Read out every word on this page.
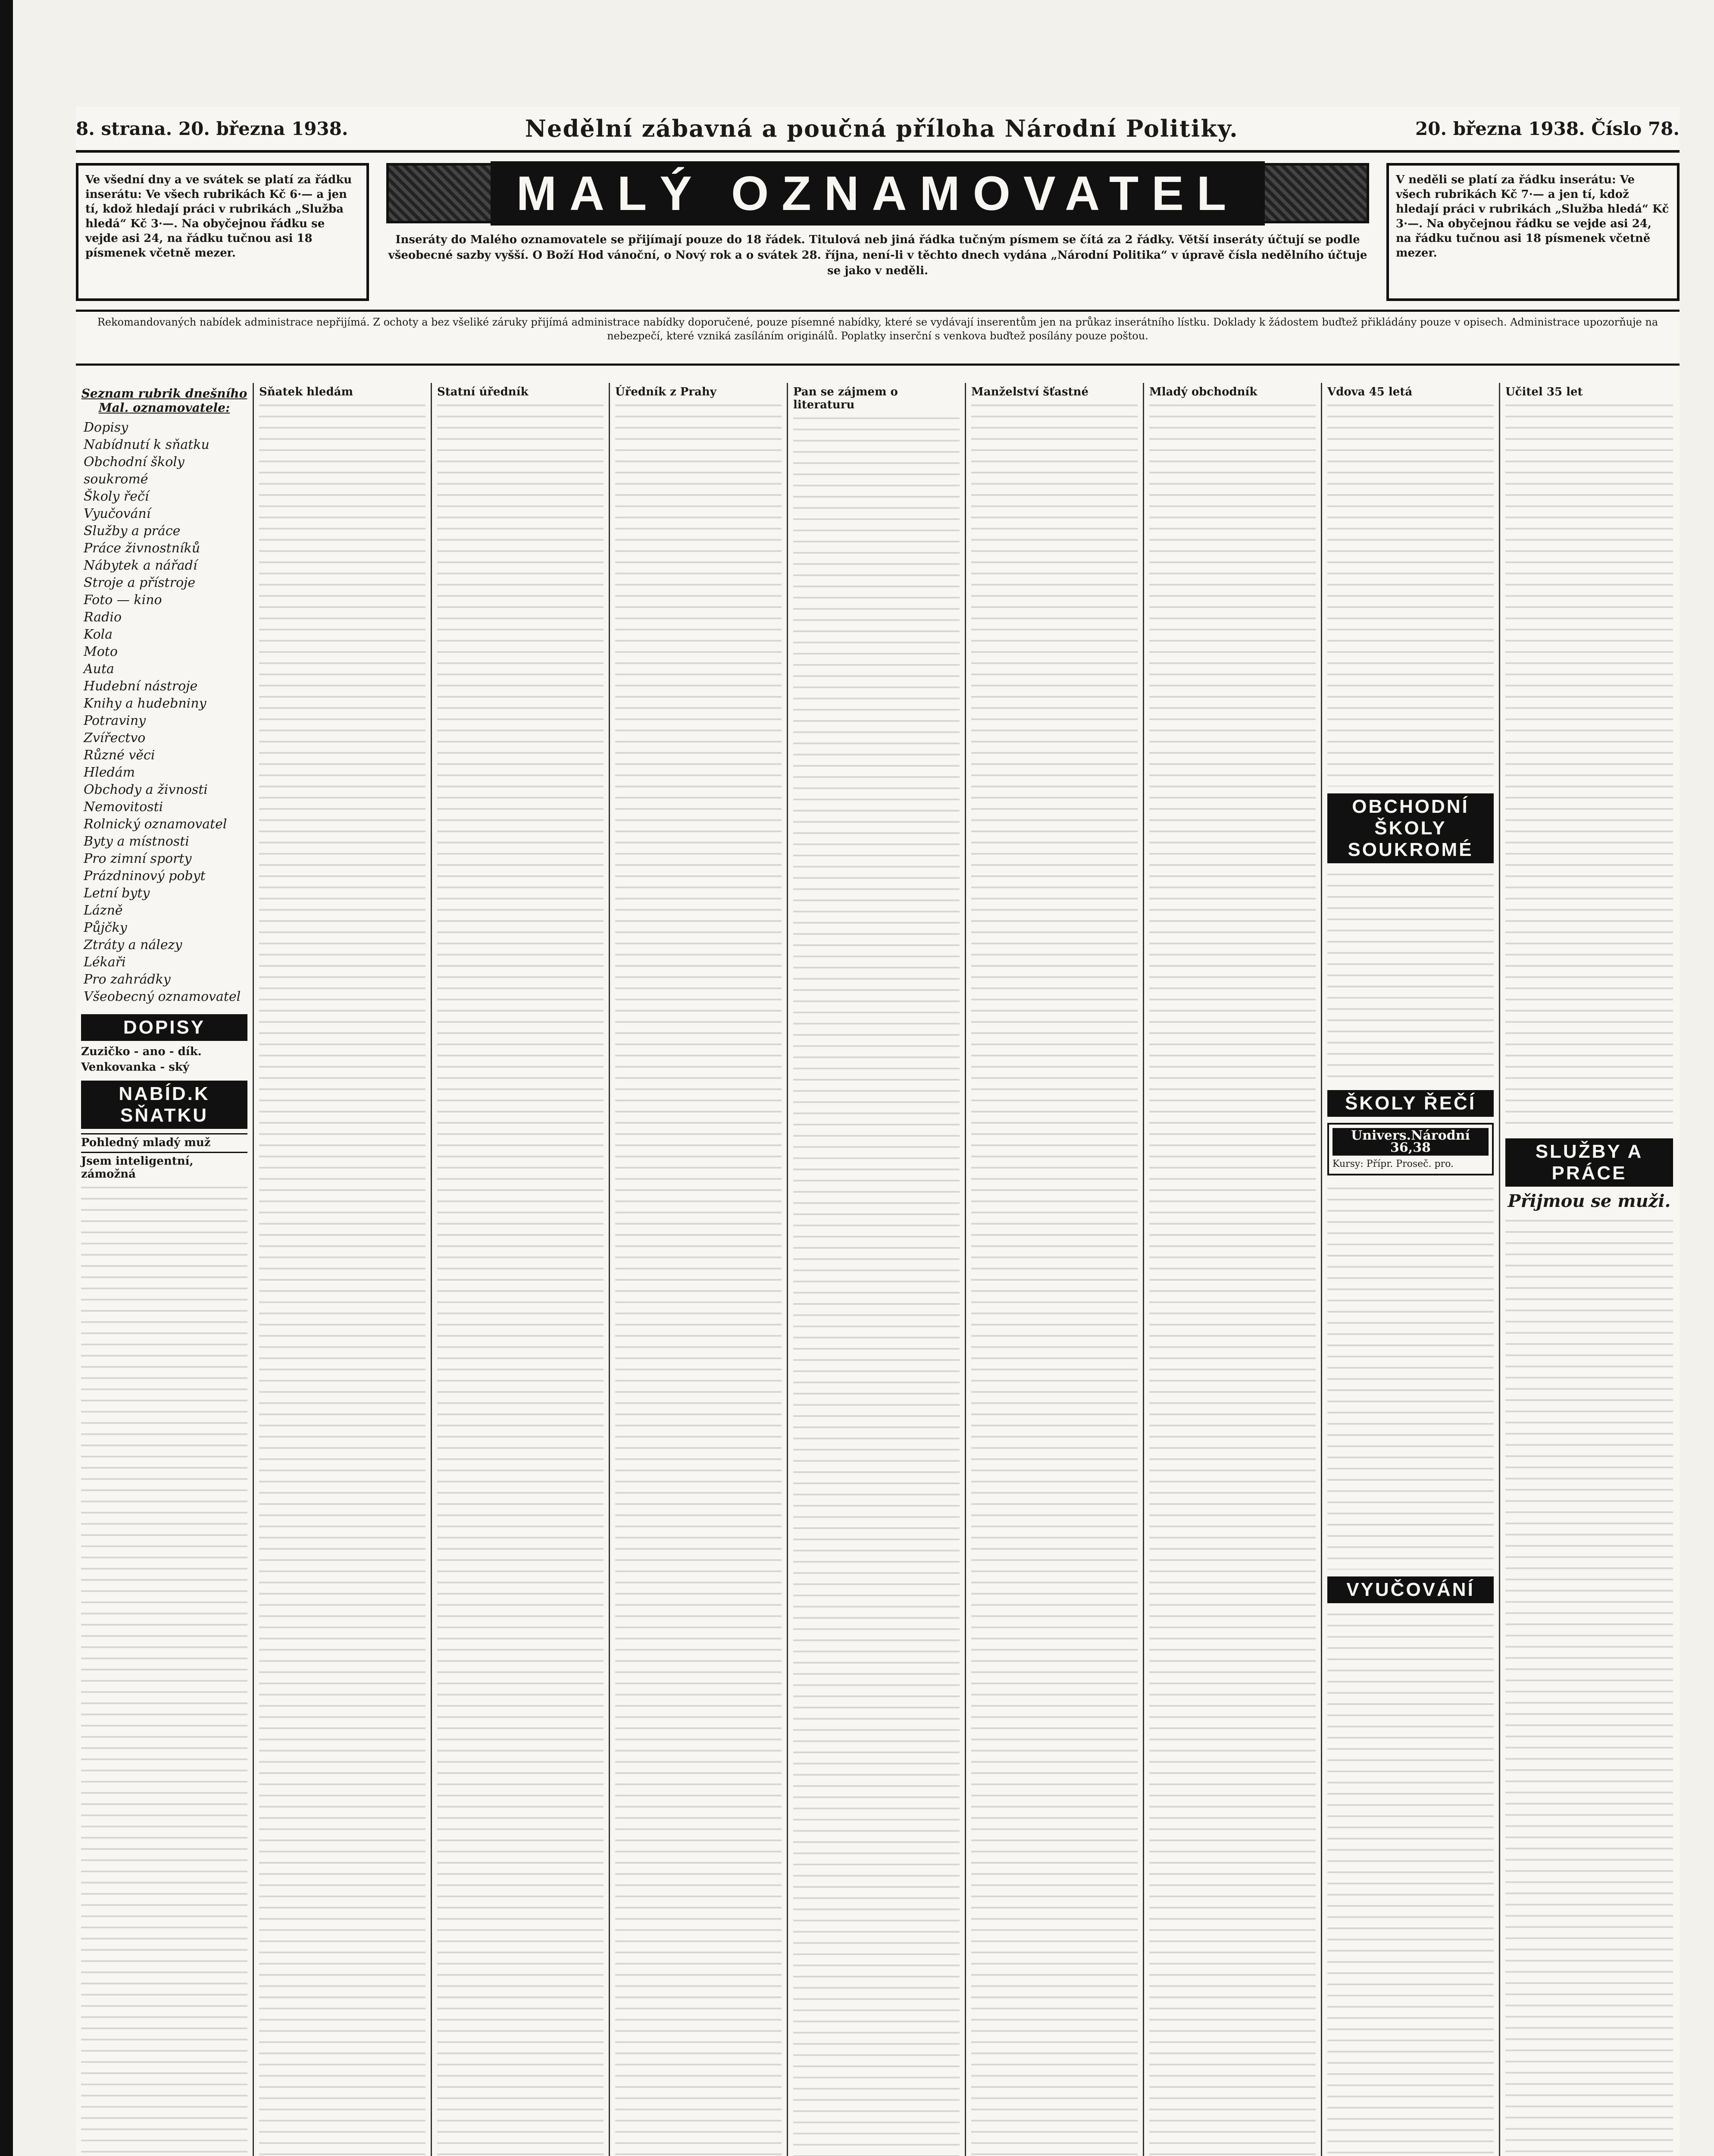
8. strana. 20. března 1938.	Nedělní zábavná a poučná příloha Národní Politiky.	20. března 1938. Číslo 78.
Ve všední dny a ve svátek se platí za řádku inserátu: Ve všech rubrikách Kč 6·— a jen tí, kdož hledají práci v rubrikách „Služba hledá“ Kč 3·—. Na obyčejnou řádku se vejde asi 24, na řádku tučnou asi 18 písmenek včetně mezer.
MALÝ OZNAMOVATEL
Inseráty do Malého oznamovatele se přijímají pouze do 18 řádek. Titulová neb jiná řádka tučným písmem se čítá za 2 řádky. Větší inseráty účtují se podle všeobecné sazby vyšší. O Boží Hod vánoční, o Nový rok a o svátek 28. října, není-li v těchto dnech vydána „Národní Politika“ v úpravě čísla nedělního účtuje se jako v neděli.
V neděli se platí za řádku inserátu: Ve všech rubrikách Kč 7·— a jen tí, kdož hledají práci v rubrikách „Služba hledá“ Kč 3·—. Na obyčejnou řádku se vejde asi 24, na řádku tučnou asi 18 písmenek včetně mezer.
Rekomandovaných nabídek administrace nepřijímá. Z ochoty a bez všeliké záruky přijímá administrace nabídky doporučené, pouze písemné nabídky, které se vydávají inserentům jen na průkaz inserátního lístku. Doklady k žádostem buďtež přikládány pouze v opisech. Administrace upozorňuje na nebezpečí, které vzniká zasíláním originálů. Poplatky inserční s venkova buďtež posílány pouze poštou.
Seznam rubrik dnešního Mal. oznamovatele:
Dopisy
Nabídnutí k sňatku
Obchodní školy soukromé
Školy řečí
Vyučování
Služby a práce
Práce živnostníků
Nábytek a nářadí
Stroje a přístroje
Foto — kino
Radio
Kola
Moto
Auta
Hudební nástroje
Knihy a hudebniny
Potraviny
Zvířectvo
Různé věci
Hledám
Obchody a živnosti
Nemovitosti
Rolnický oznamovatel
Byty a místnosti
Pro zimní sporty
Prázdninový pobyt
Letní byty
Lázně
Půjčky
Ztráty a nálezy
Lékaři
Pro zahrádky
Všeobecný oznamovatel
DOPISY
Zuzičko - ano - dík.
Venkovanka - ský
NABÍD.K SŇATKU
Pohledný mladý muž
Jsem inteligentní, zámožná
Sňatek hledám	Statní úředník	Úředník z Prahy	Pan se zájmem o literaturu
Manželství šťastné	Mladý obchodník	Vdova 45 letá
OBCHODNÍ ŠKOLY SOUKROMÉ
ŠKOLY ŘEČÍ
Univers.Národní 36,38
Kursy: Přípr. Proseč. pro.
VYUČOVÁNÍ
Učitel 35 let
SLUŽBY A PRÁCE
Přijmou se muži.
